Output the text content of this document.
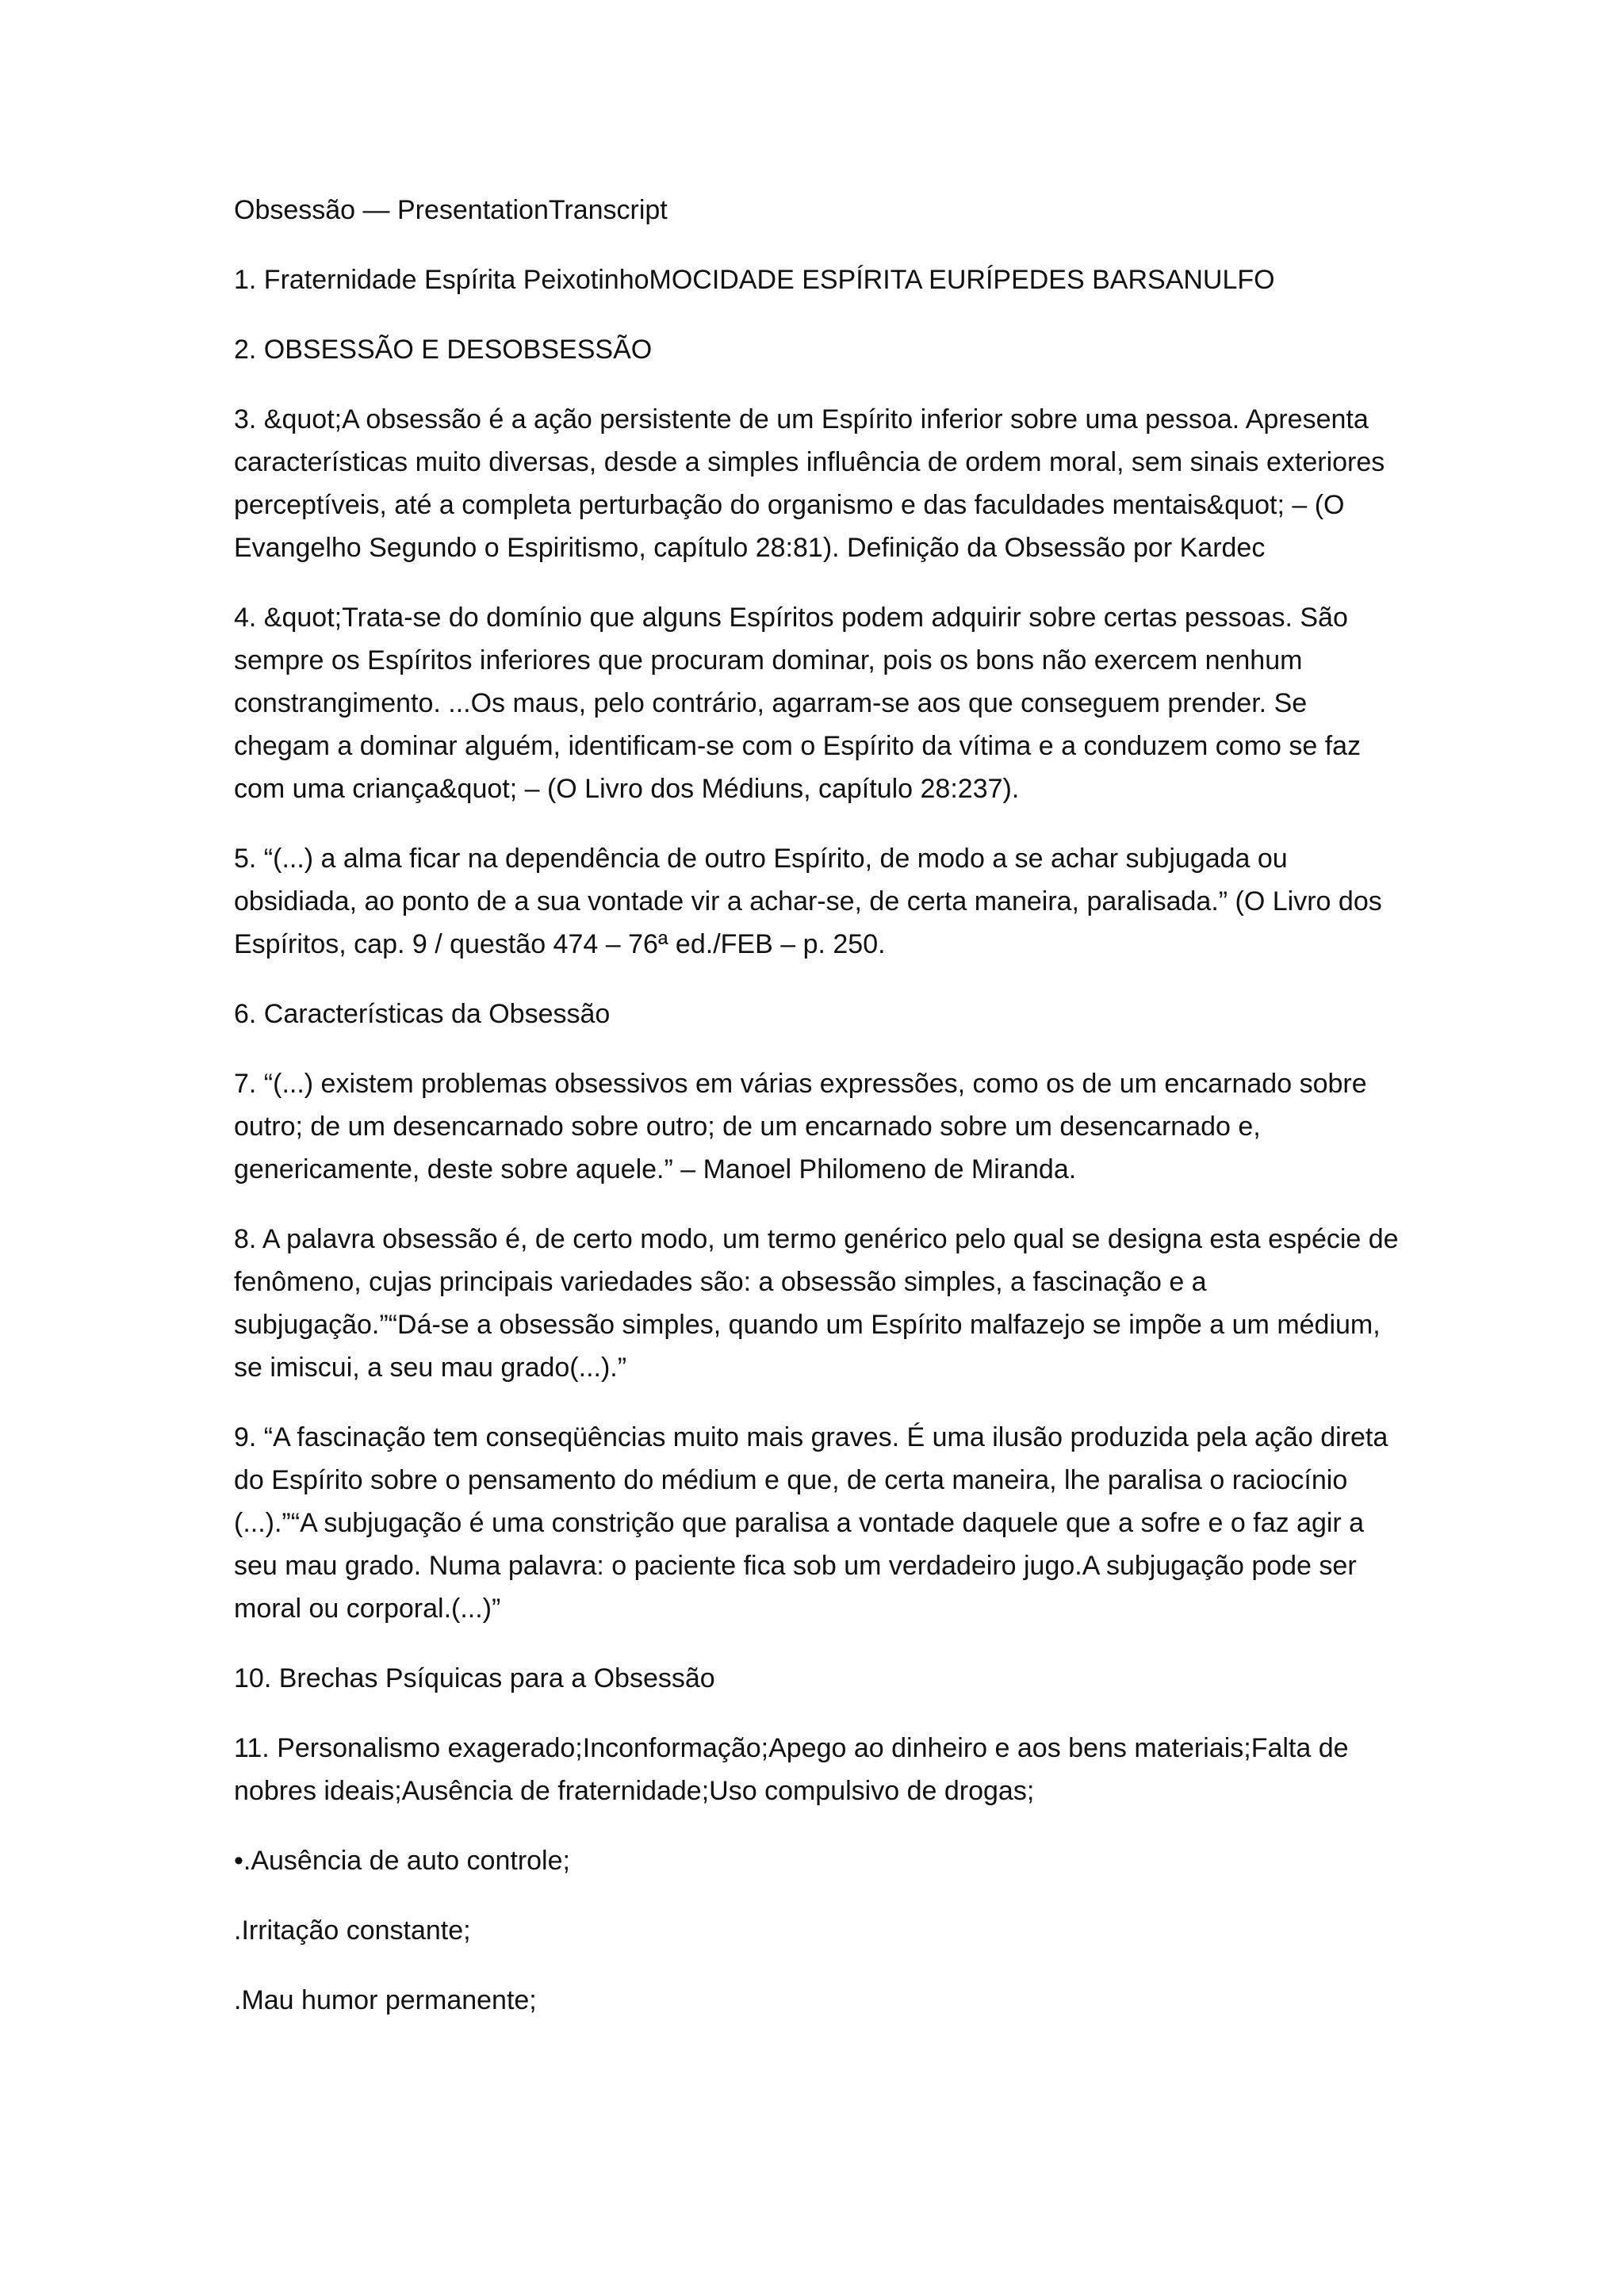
Obsessão — PresentationTranscript

1. Fraternidade Espírita PeixotinhoMOCIDADE ESPÍRITA EURÍPEDES BARSANULFO

2. OBSESSÃO E DESOBSESSÃO

3. &quot;A obsessão é a ação persistente de um Espírito inferior sobre uma pessoa. Apresenta características muito diversas, desde a simples influência de ordem moral, sem sinais exteriores perceptíveis, até a completa perturbação do organismo e das faculdades mentais&quot; – (O Evangelho Segundo o Espiritismo, capítulo 28:81). Definição da Obsessão por Kardec

4. &quot;Trata-se do domínio que alguns Espíritos podem adquirir sobre certas pessoas. São sempre os Espíritos inferiores que procuram dominar, pois os bons não exercem nenhum constrangimento. ...Os maus, pelo contrário, agarram-se aos que conseguem prender. Se chegam a dominar alguém, identificam-se com o Espírito da vítima e a conduzem como se faz com uma criança&quot; – (O Livro dos Médiuns, capítulo 28:237).

5. “(...) a alma ficar na dependência de outro Espírito, de modo a se achar subjugada ou obsidiada, ao ponto de a sua vontade vir a achar-se, de certa maneira, paralisada.” (O Livro dos Espíritos, cap. 9 / questão 474 – 76ª ed./FEB – p. 250.

6. Características da Obsessão

7. “(...) existem problemas obsessivos em várias expressões, como os de um encarnado sobre outro; de um desencarnado sobre outro; de um encarnado sobre um desencarnado e, genericamente, deste sobre aquele.” – Manoel Philomeno de Miranda.

8. A palavra obsessão é, de certo modo, um termo genérico pelo qual se designa esta espécie de fenômeno, cujas principais variedades são: a obsessão simples, a fascinação e a subjugação.”“Dá-se a obsessão simples, quando um Espírito malfazejo se impõe a um médium, se imiscui, a seu mau grado(...).”

9. “A fascinação tem conseqüências muito mais graves. É uma ilusão produzida pela ação direta do Espírito sobre o pensamento do médium e que, de certa maneira, lhe paralisa o raciocínio (...).”“A subjugação é uma constrição que paralisa a vontade daquele que a sofre e o faz agir a seu mau grado. Numa palavra: o paciente fica sob um verdadeiro jugo.A subjugação pode ser moral ou corporal.(...)”

10. Brechas Psíquicas para a Obsessão

11. Personalismo exagerado;Inconformação;Apego ao dinheiro e aos bens materiais;Falta de nobres ideais;Ausência de fraternidade;Uso compulsivo de drogas;

•.Ausência de auto controle;

.Irritação constante;

.Mau humor permanente;
